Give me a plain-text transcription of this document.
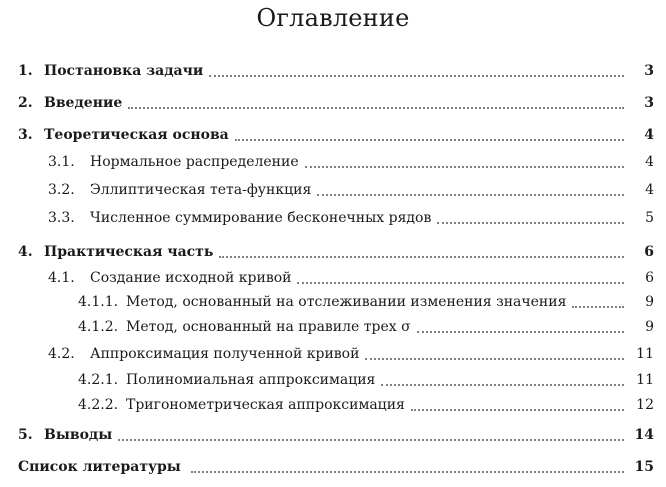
Оглавление
1. Постановка задачи	3
2. Введение	3
3. Теоретическая основа	4
3.1.	Нормальное распределение	4
3.2.	Эллиптическая тета-функция	4
3.3.	Численное суммирование бесконечных рядов	5
4. Практическая часть	6
4.1.	Создание исходной кривой	6
4.1.1. Метод, основанный на отслеживании изменения значения	9
4.1.2. Метод, основанный на правиле трех σ	9
4.2.	Аппроксимация полученной кривой	11
4.2.1. Полиномиальная аппроксимация	11
4.2.2. Тригонометрическая аппроксимация	12
5. Выводы	14
Список литературы	15
